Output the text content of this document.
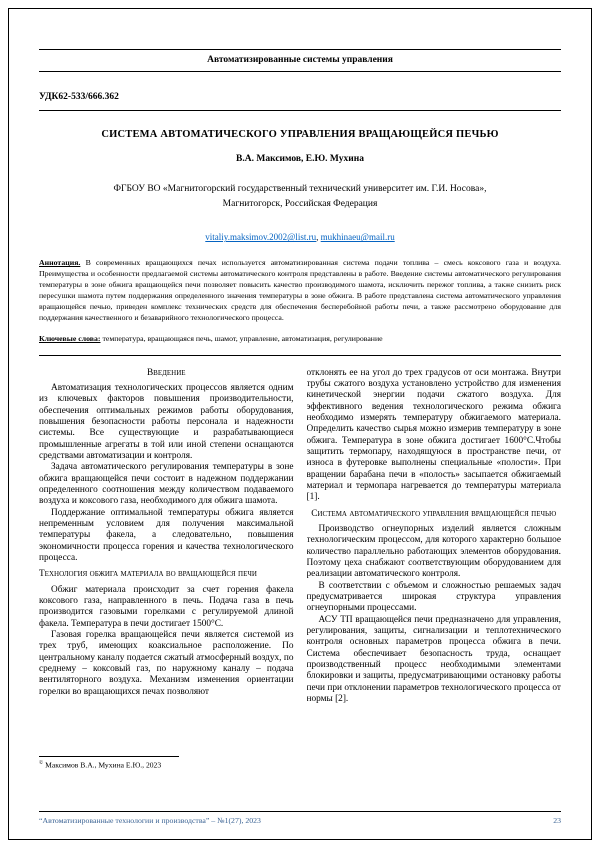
Автоматизированные системы управления
УДК62-533/666.362
СИСТЕМА АВТОМАТИЧЕСКОГО УПРАВЛЕНИЯ ВРАЩАЮЩЕЙСЯ ПЕЧЬЮ
В.А. Максимов, Е.Ю. Мухина
ФГБОУ ВО «Магнитогорский государственный технический университет им. Г.И. Носова»,
Магнитогорск, Российская Федерация
vitaliy.maksimov.2002@list.ru, mukhinaeu@mail.ru

Аннотация. В современных вращающихся печах используется автоматизированная система подачи топлива – смесь коксового газа и воздуха. Преимущества и особенности предлагаемой системы автоматического контроля представлены в работе. Введение системы автоматического регулирования температуры в зоне обжига вращающейся печи позволяет повысить качество производимого шамота, исключить пережог топлива, а также снизить риск пересушки шамота путем поддержания определенного значения температуры в зоне обжига. В работе представлена система автоматического управления вращающейся печью, приведен комплекс технических средств для обеспечения бесперебойной работы печи, а также рассмотрено оборудование для поддержания качественного и безаварийного технологического процесса.

Ключевые слова: температура, вращающаяся печь, шамот, управление, автоматизация, регулирование

Введение

Автоматизация технологических процессов является одним из ключевых факторов повышения производительности, обеспечения оптимальных режимов работы оборудования, повышения безопасности работы персонала и надежности системы. Все существующие и разрабатывающиеся промышленные агрегаты в той или иной степени оснащаются средствами автоматизации и контроля.

Задача автоматического регулирования температуры в зоне обжига вращающейся печи состоит в надежном поддержании определенного соотношения между количеством подаваемого воздуха и коксового газа, необходимого для обжига шамота.

Поддержание оптимальной температуры обжига является непременным условием для получения максимальной температуры факела, а следовательно, повышения экономичности процесса горения и качества технологического процесса.

Технология обжига материала во вращающейся печи

Обжиг материала происходит за счет горения факела коксового газа, направленного в печь. Подача газа в печь производится газовыми горелками с регулируемой длиной факела. Температура в печи достигает 1500°С.

Газовая горелка вращающейся печи является системой из трех труб, имеющих коаксиальное расположение. По центральному каналу подается сжатый атмосферный воздух, по среднему – коксовый газ, по наружному каналу – подача вентиляторного воздуха. Механизм изменения ориентации горелки во вращающихся печах позволяют

© Максимов В.А., Мухина Е.Ю., 2023

отклонять ее на угол до трех градусов от оси монтажа. Внутри трубы сжатого воздуха установлено устройство для изменения кинетической энергии подачи сжатого воздуха. Для эффективного ведения технологического режима обжига необходимо измерять температуру обжигаемого материала. Определить качество сырья можно измерив температуру в зоне обжига. Температура в зоне обжига достигает 1600°С.Чтобы защитить термопару, находящуюся в пространстве печи, от износа в футеровке выполнены специальные «полости». При вращении барабана печи в «полость» засыпается обжигаемый материал и термопара нагревается до температуры материала [1].

Система автоматического управления вращающейся печью

Производство огнеупорных изделий является сложным технологическим процессом, для которого характерно большое количество параллельно работающих элементов оборудования. Поэтому цеха снабжают соответствующим оборудованием для реализации автоматического контроля.

В соответствии с объемом и сложностью решаемых задач предусматривается широкая структура управления огнеупорными процессами.

АСУ ТП вращающейся печи предназначено для управления, регулирования, защиты, сигнализации и теплотехнического контроля основных параметров процесса обжига в печи. Система обеспечивает безопасность труда, оснащает производственный процесс необходимыми элементами блокировки и защиты, предусматривающими остановку работы печи при отклонении параметров технологического процесса от нормы [2].

“Автоматизированные технологии и производства” – №1(27), 2023	23
